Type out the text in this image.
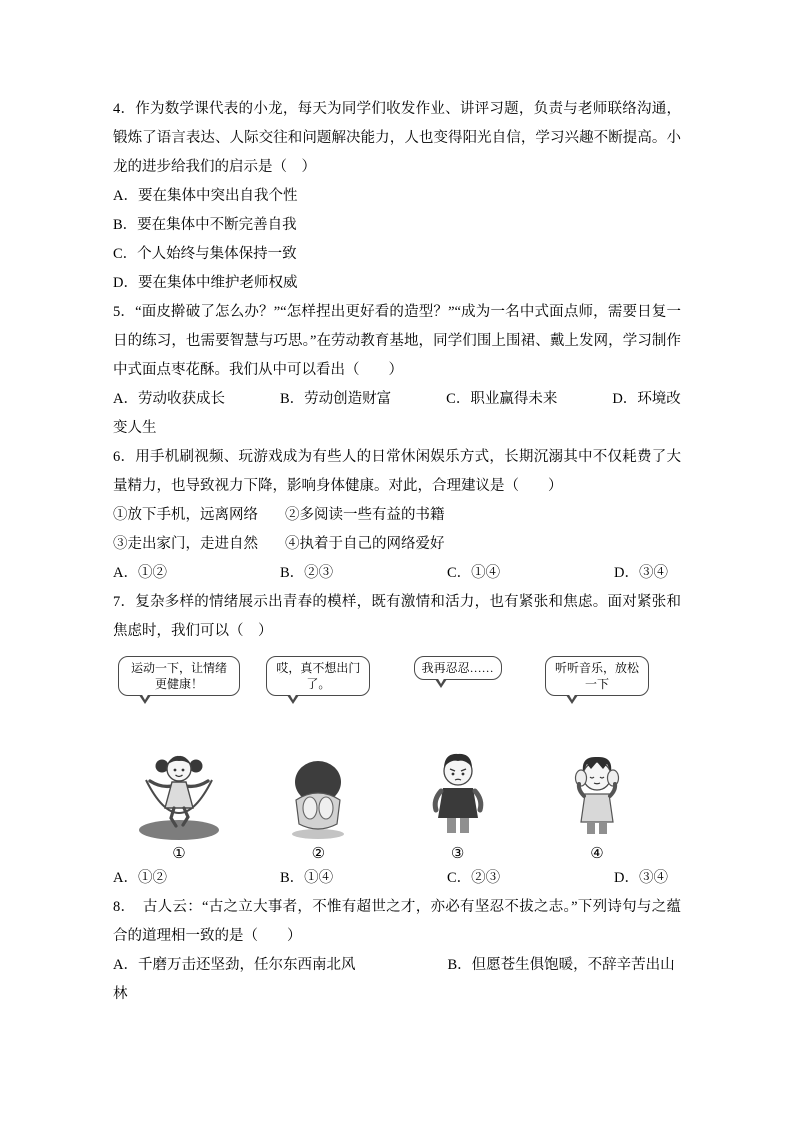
4．作为数学课代表的小龙，每天为同学们收发作业、讲评习题，负责与老师联络沟通，锻炼了语言表达、人际交往和问题解决能力，人也变得阳光自信，学习兴趣不断提高。小龙的进步给我们的启示是（　）

A．要在集体中突出自我个性

B．要在集体中不断完善自我

C．个人始终与集体保持一致

D．要在集体中维护老师权威

5．“面皮擀破了怎么办？”“怎样捏出更好看的造型？”“成为一名中式面点师，需要日复一日的练习，也需要智慧与巧思。”在劳动教育基地，同学们围上围裙、戴上发网，学习制作中式面点枣花酥。我们从中可以看出（　　）

A．劳动收获成长	B．劳动创造财富	C．职业赢得未来	D．环境改变人生

6．用手机刷视频、玩游戏成为有些人的日常休闲娱乐方式，长期沉溺其中不仅耗费了大量精力，也导致视力下降，影响身体健康。对此，合理建议是（　　）

①放下手机，远离网络 ②多阅读一些有益的书籍

③走出家门，走进自然 ④执着于自己的网络爱好

A．①②	B．②③	C．①④	D．③④

7．复杂多样的情绪展示出青春的模样，既有激情和活力，也有紧张和焦虑。面对紧张和焦虑时，我们可以（　）

运动一下，让情绪更健康！
①
哎，真不想出门了。
②
我再忍忍……
③
听听音乐，放松一下
④
A．①②	B．①④	C．②③	D．③④

8．　古人云：“古之立大事者，不惟有超世之才，亦必有坚忍不拔之志。”下列诗句与之蕴合的道理相一致的是（　　）

A．千磨万击还坚劲，任尔东西南北风	B．但愿苍生俱饱暖，不辞辛苦出山林
